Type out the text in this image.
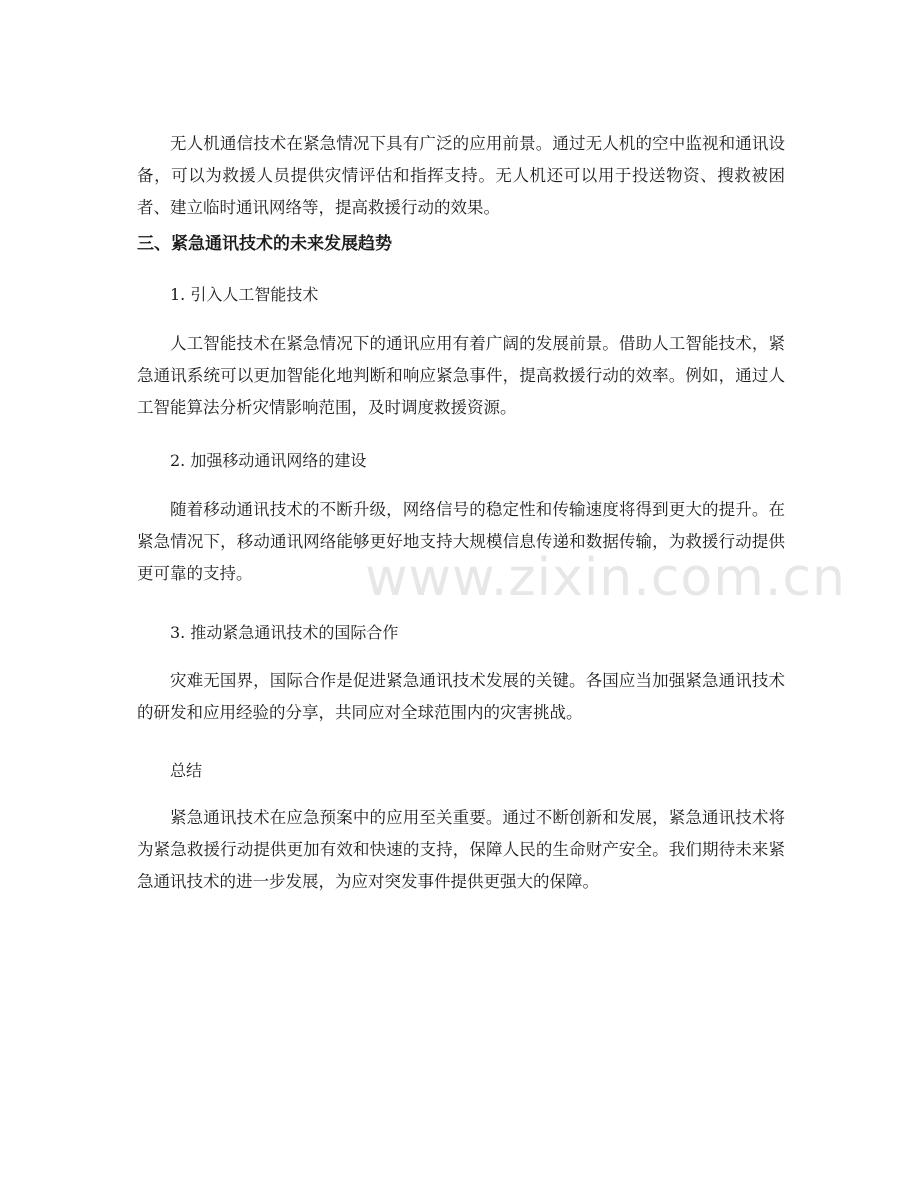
无人机通信技术在紧急情况下具有广泛的应用前景。通过无人机的空中监视和通讯设备，可以为救援人员提供灾情评估和指挥支持。无人机还可以用于投送物资、搜救被困者、建立临时通讯网络等，提高救援行动的效果。

三、紧急通讯技术的未来发展趋势
1. 引入人工智能技术

人工智能技术在紧急情况下的通讯应用有着广阔的发展前景。借助人工智能技术，紧急通讯系统可以更加智能化地判断和响应紧急事件，提高救援行动的效率。例如，通过人工智能算法分析灾情影响范围，及时调度救援资源。

2. 加强移动通讯网络的建设

随着移动通讯技术的不断升级，网络信号的稳定性和传输速度将得到更大的提升。在紧急情况下，移动通讯网络能够更好地支持大规模信息传递和数据传输，为救援行动提供更可靠的支持。

3. 推动紧急通讯技术的国际合作

灾难无国界，国际合作是促进紧急通讯技术发展的关键。各国应当加强紧急通讯技术的研发和应用经验的分享，共同应对全球范围内的灾害挑战。

总结

紧急通讯技术在应急预案中的应用至关重要。通过不断创新和发展，紧急通讯技术将为紧急救援行动提供更加有效和快速的支持，保障人民的生命财产安全。我们期待未来紧急通讯技术的进一步发展，为应对突发事件提供更强大的保障。

www.zixin.com.cn
